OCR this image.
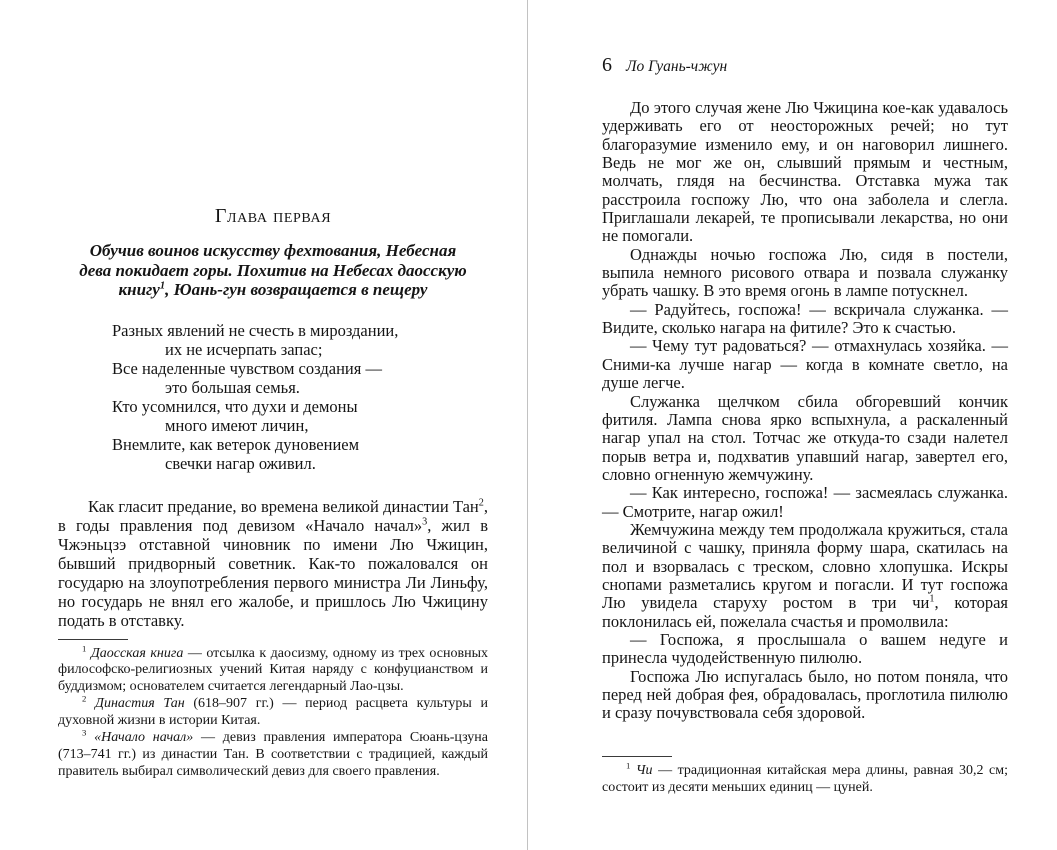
Глава первая
Обучив воинов искусству фехтования, Небесная
дева покидает горы. Похитив на Небесах даосскую
книгу$^1$, Юань-гун возвращается в пещеру
Разных явлений не счесть в мироздании,
их не исчерпать запас;
Все наделенные чувством создания —
это большая семья.
Кто усомнился, что духи и демоны
много имеют личин,
Внемлите, как ветерок дуновением
свечки нагар оживил.

Как гласит предание, во времена великой династии Тан$^2$, в годы правления под девизом «Начало начал»$^3$, жил в Чжэньцзэ отставной чиновник по имени Лю Чжицин, бывший придворный советник. Как-то пожаловался он государю на злоупотребления первого министра Ли Линьфу, но государь не внял его жалобе, и пришлось Лю Чжицину подать в отставку.

$^1$ Даосская книга — отсылка к даосизму, одному из трех основных философско-религиозных учений Китая наряду с конфуцианством и буддизмом; основателем считается легендарный Лао-цзы.

$^2$ Династия Тан (618–907 гг.) — период расцвета культуры и духовной жизни в истории Китая.

$^3$ «Начало начал» — девиз правления императора Сюань-цзуна (713–741 гг.) из династии Тан. В соответствии с традицией, каждый правитель выбирал символический девиз для своего правления.

6 Ло Гуань-чжун

До этого случая жене Лю Чжицина кое-как удавалось удерживать его от неосторожных речей; но тут благоразумие изменило ему, и он наговорил лишнего. Ведь не мог же он, слывший прямым и честным, молчать, глядя на бесчинства. Отставка мужа так расстроила госпожу Лю, что она заболела и слегла. Приглашали лекарей, те прописывали лекарства, но они не помогали.

Однажды ночью госпожа Лю, сидя в постели, выпила немного рисового отвара и позвала служанку убрать чашку. В это время огонь в лампе потускнел.

— Радуйтесь, госпожа! — вскричала служанка. — Видите, сколько нагара на фитиле? Это к счастью.

— Чему тут радоваться? — отмахнулась хозяйка. — Сними-ка лучше нагар — когда в комнате светло, на душе легче.

Служанка щелчком сбила обгоревший кончик фитиля. Лампа снова ярко вспыхнула, а раскаленный нагар упал на стол. Тотчас же откуда-то сзади налетел порыв ветра и, подхватив упавший нагар, завертел его, словно огненную жемчужину.

— Как интересно, госпожа! — засмеялась служанка. — Смотрите, нагар ожил!

Жемчужина между тем продолжала кружиться, стала величиной с чашку, приняла форму шара, скатилась на пол и взорвалась с треском, словно хлопушка. Искры снопами разметались кругом и погасли. И тут госпожа Лю увидела старуху ростом в три $чи^1$, которая поклонилась ей, пожелала счастья и промолвила:

— Госпожа, я прослышала о вашем недуге и принесла чудодейственную пилюлю.

Госпожа Лю испугалась было, но потом поняла, что перед ней добрая фея, обрадовалась, проглотила пилюлю и сразу почувствовала себя здоровой.

$^1$ Чи — традиционная китайская мера длины, равная 30,2 см; состоит из десяти меньших единиц — цуней.
